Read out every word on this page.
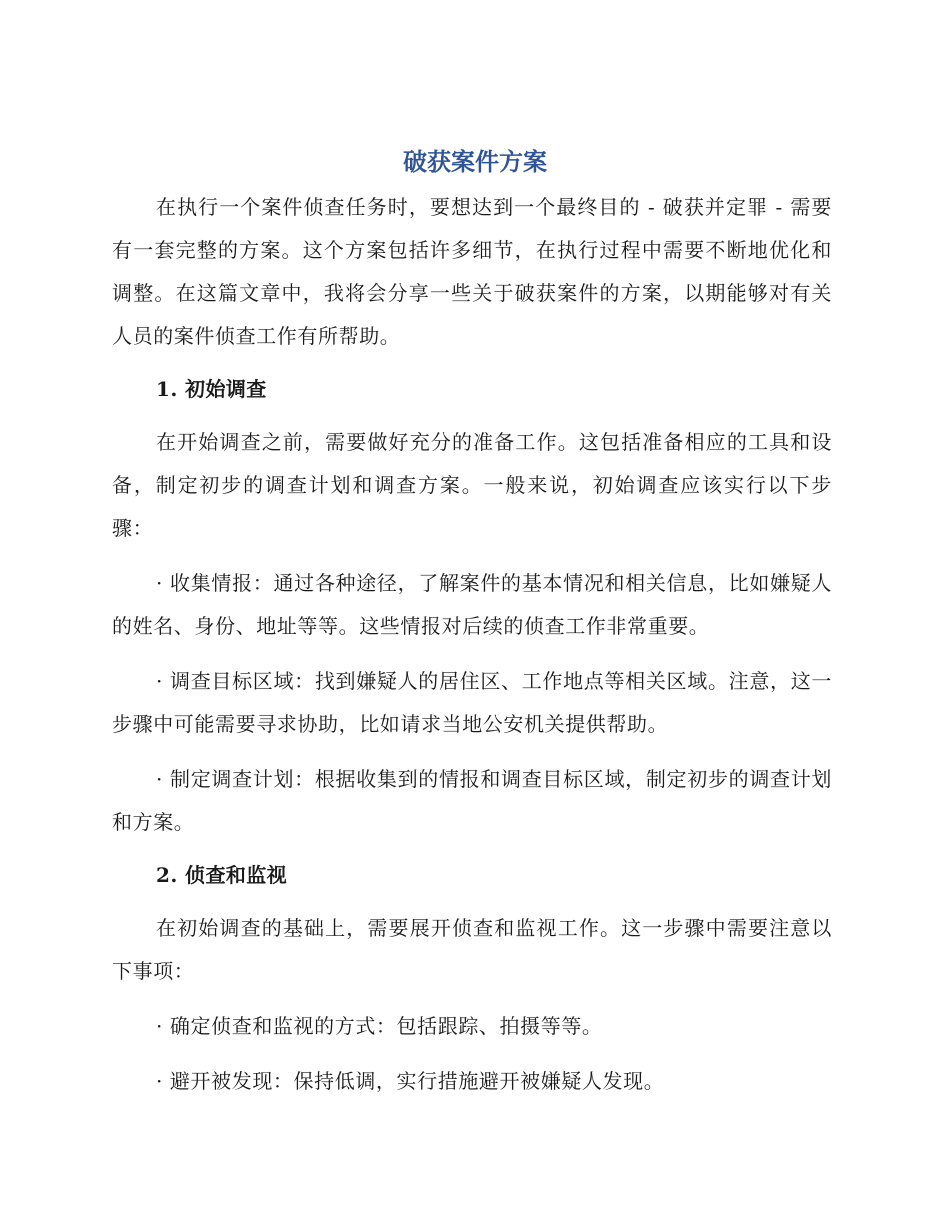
破获案件方案

在执行一个案件侦查任务时，要想达到一个最终目的 - 破获并定罪 - 需要有一套完整的方案。这个方案包括许多细节，在执行过程中需要不断地优化和调整。在这篇文章中，我将会分享一些关于破获案件的方案，以期能够对有关人员的案件侦查工作有所帮助。

1. 初始调查

在开始调查之前，需要做好充分的准备工作。这包括准备相应的工具和设备，制定初步的调查计划和调查方案。一般来说，初始调查应该实行以下步骤：

· 收集情报：通过各种途径，了解案件的基本情况和相关信息，比如嫌疑人的姓名、身份、地址等等。这些情报对后续的侦查工作非常重要。

· 调查目标区域：找到嫌疑人的居住区、工作地点等相关区域。注意，这一步骤中可能需要寻求协助，比如请求当地公安机关提供帮助。

· 制定调查计划：根据收集到的情报和调查目标区域，制定初步的调查计划和方案。

2. 侦查和监视

在初始调查的基础上，需要展开侦查和监视工作。这一步骤中需要注意以下事项：

· 确定侦查和监视的方式：包括跟踪、拍摄等等。

· 避开被发现：保持低调，实行措施避开被嫌疑人发现。
